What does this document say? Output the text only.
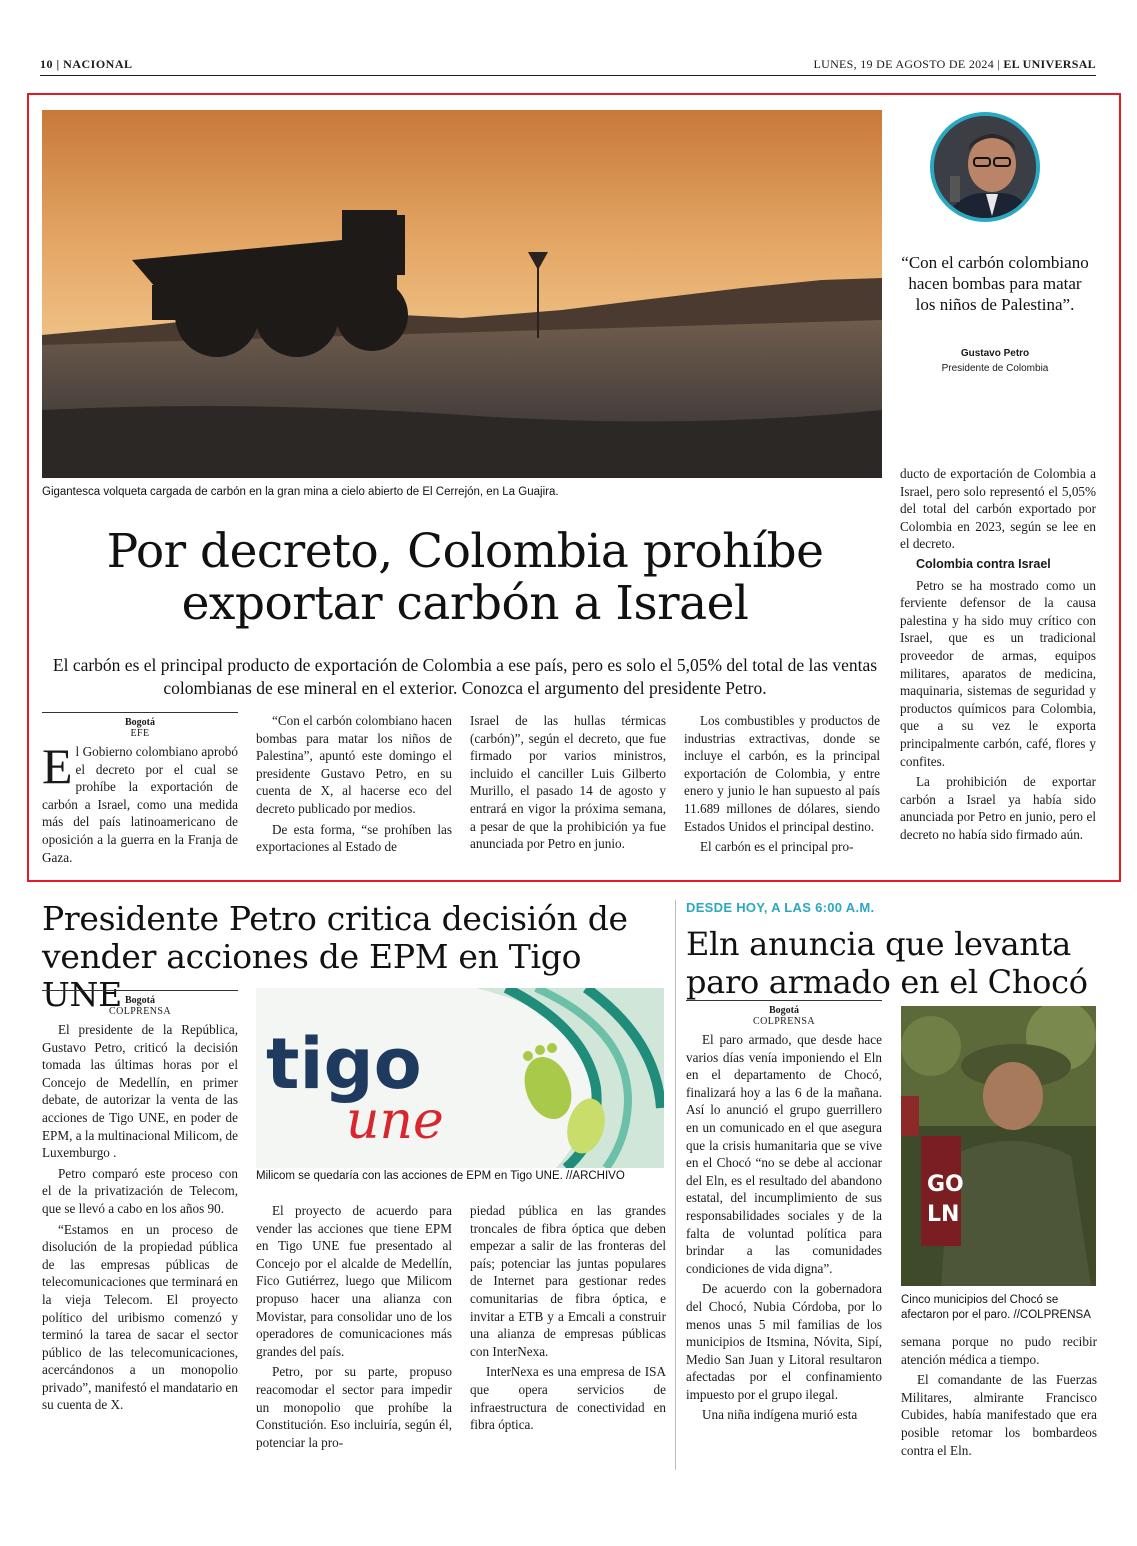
10 | NACIONAL	LUNES, 19 DE AGOSTO DE 2024 | EL UNIVERSAL
Gigantesca volqueta cargada de carbón en la gran mina a cielo abierto de El Cerrejón, en La Guajira.
Por decreto, Colombia prohíbe exportar carbón a Israel
El carbón es el principal producto de exportación de Colombia a ese país, pero es solo el 5,05% del total de las ventas colombianas de ese mineral en el exterior. Conozca el argumento del presidente Petro.
Bogotá
EFE

El Gobierno colombiano aprobó el decreto por el cual se prohíbe la exportación de carbón a Israel, como una medida más del país latinoamericano de oposición a la guerra en la Franja de Gaza.

“Con el carbón colombiano hacen bombas para matar los niños de Palestina”, apuntó este domingo el presidente Gustavo Petro, en su cuenta de X, al hacerse eco del decreto publicado por medios.

De esta forma, “se prohíben las exportaciones al Estado de

Israel de las hullas térmicas (carbón)”, según el decreto, que fue firmado por varios ministros, incluido el canciller Luis Gilberto Murillo, el pasado 14 de agosto y entrará en vigor la próxima semana, a pesar de que la prohibición ya fue anunciada por Petro en junio.

Los combustibles y productos de industrias extractivas, donde se incluye el carbón, es la principal exportación de Colombia, y entre enero y junio le han supuesto al país 11.689 millones de dólares, siendo Estados Unidos el principal destino.

El carbón es el principal pro-

“Con el carbón colombiano hacen bombas para matar los niños de Palestina”.
Gustavo Petro
Presidente de Colombia

ducto de exportación de Colombia a Israel, pero solo representó el 5,05% del total del carbón exportado por Colombia en 2023, según se lee en el decreto.

Colombia contra Israel

Petro se ha mostrado como un ferviente defensor de la causa palestina y ha sido muy crítico con Israel, que es un tradicional proveedor de armas, equipos militares, aparatos de medicina, maquinaria, sistemas de seguridad y productos químicos para Colombia, que a su vez le exporta principalmente carbón, café, flores y confites.

La prohibición de exportar carbón a Israel ya había sido anunciada por Petro en junio, pero el decreto no había sido firmado aún.

Presidente Petro critica decisión de vender acciones de EPM en Tigo UNE Bogotá
COLPRENSA

El presidente de la República, Gustavo Petro, criticó la decisión tomada las últimas horas por el Concejo de Medellín, en primer debate, de autorizar la venta de las acciones de Tigo UNE, en poder de EPM, a la multinacional Milicom, de Luxemburgo .

Petro comparó este proceso con el de la privatización de Telecom, que se llevó a cabo en los años 90.

“Estamos en un proceso de disolución de la propiedad pública de las empresas públicas de telecomunicaciones que terminará en la vieja Telecom. El proyecto político del uribismo comenzó y terminó la tarea de sacar el sector público de las telecomunicaciones, acercándonos a un monopolio privado”, manifestó el mandatario en su cuenta de X.

tigo
une
Milicom se quedaría con las acciones de EPM en Tigo UNE. //ARCHIVO

El proyecto de acuerdo para vender las acciones que tiene EPM en Tigo UNE fue presentado al Concejo por el alcalde de Medellín, Fico Gutiérrez, luego que Milicom propuso hacer una alianza con Movistar, para consolidar uno de los operadores de comunicaciones más grandes del país.

Petro, por su parte, propuso reacomodar el sector para impedir un monopolio que prohíbe la Constitución. Eso incluiría, según él, potenciar la pro-

piedad pública en las grandes troncales de fibra óptica que deben empezar a salir de las fronteras del país; potenciar las juntas populares de Internet para gestionar redes comunitarias de fibra óptica, e invitar a ETB y a Emcali a construir una alianza de empresas públicas con InterNexa.

InterNexa es una empresa de ISA que opera servicios de infraestructura de conectividad en fibra óptica.

DESDE HOY, A LAS 6:00 A.M.
Eln anuncia que levanta paro armado en el Chocó
Bogotá
COLPRENSA

El paro armado, que desde hace varios días venía imponiendo el Eln en el departamento de Chocó, finalizará hoy a las 6 de la mañana. Así lo anunció el grupo guerrillero en un comunicado en el que asegura que la crisis humanitaria que se vive en el Chocó “no se debe al accionar del Eln, es el resultado del abandono estatal, del incumplimiento de sus responsabilidades sociales y de la falta de voluntad política para brindar a las comunidades condiciones de vida digna”.

De acuerdo con la gobernadora del Chocó, Nubia Córdoba, por lo menos unas 5 mil familias de los municipios de Itsmina, Nóvita, Sipí, Medio San Juan y Litoral resultaron afectadas por el confinamiento impuesto por el grupo ilegal.

Una niña indígena murió esta

GO
LN
Cinco municipios del Chocó se afectaron por el paro. //COLPRENSA

semana porque no pudo recibir atención médica a tiempo.

El comandante de las Fuerzas Militares, almirante Francisco Cubides, había manifestado que era posible retomar los bombardeos contra el Eln.
